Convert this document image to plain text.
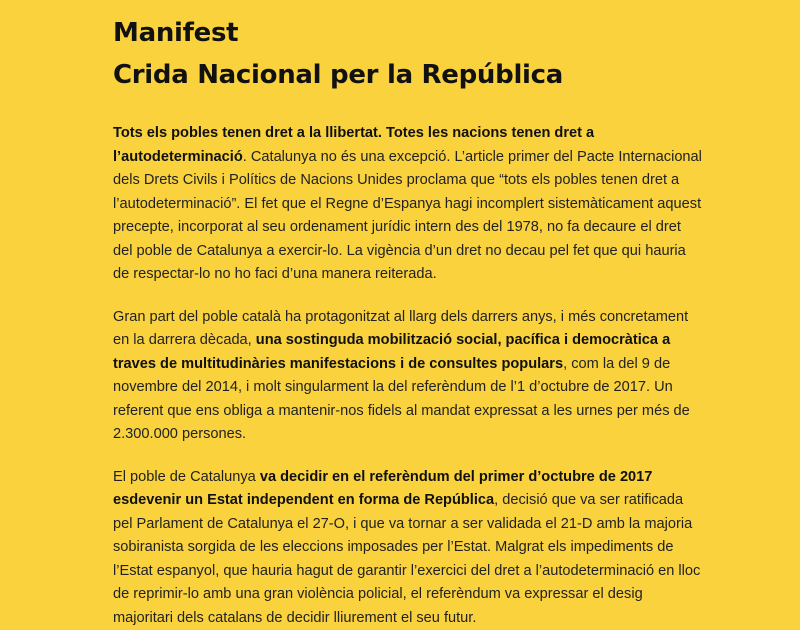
Manifest
Crida Nacional per la República

Tots els pobles tenen dret a la llibertat. Totes les nacions tenen dret a l’autodeterminació. Catalunya no és una excepció. L’article primer del Pacte Internacional dels Drets Civils i Polítics de Nacions Unides proclama que “tots els pobles tenen dret a l’autodeterminació”. El fet que el Regne d’Espanya hagi incomplert sistemàticament aquest precepte, incorporat al seu ordenament jurídic intern des del 1978, no fa decaure el dret del poble de Catalunya a exercir-lo. La vigència d’un dret no decau pel fet que qui hauria de respectar-lo no ho faci d’una manera reiterada.

Gran part del poble català ha protagonitzat al llarg dels darrers anys, i més concretament en la darrera dècada, una sostinguda mobilització social, pacífica i democràtica a traves de multitudinàries manifestacions i de consultes populars, com la del 9 de novembre del 2014, i molt singularment la del referèndum de l’1 d’octubre de 2017. Un referent que ens obliga a mantenir-nos fidels al mandat expressat a les urnes per més de 2.300.000 persones.

El poble de Catalunya va decidir en el referèndum del primer d’octubre de 2017 esdevenir un Estat independent en forma de República, decisió que va ser ratificada pel Parlament de Catalunya el 27-O, i que va tornar a ser validada el 21-D amb la majoria sobiranista sorgida de les eleccions imposades per l’Estat. Malgrat els impediments de l’Estat espanyol, que hauria hagut de garantir l’exercici del dret a l’autodeterminació en lloc de reprimir-lo amb una gran violència policial, el referèndum va expressar el desig majoritari dels catalans de decidir lliurement el seu futur.
